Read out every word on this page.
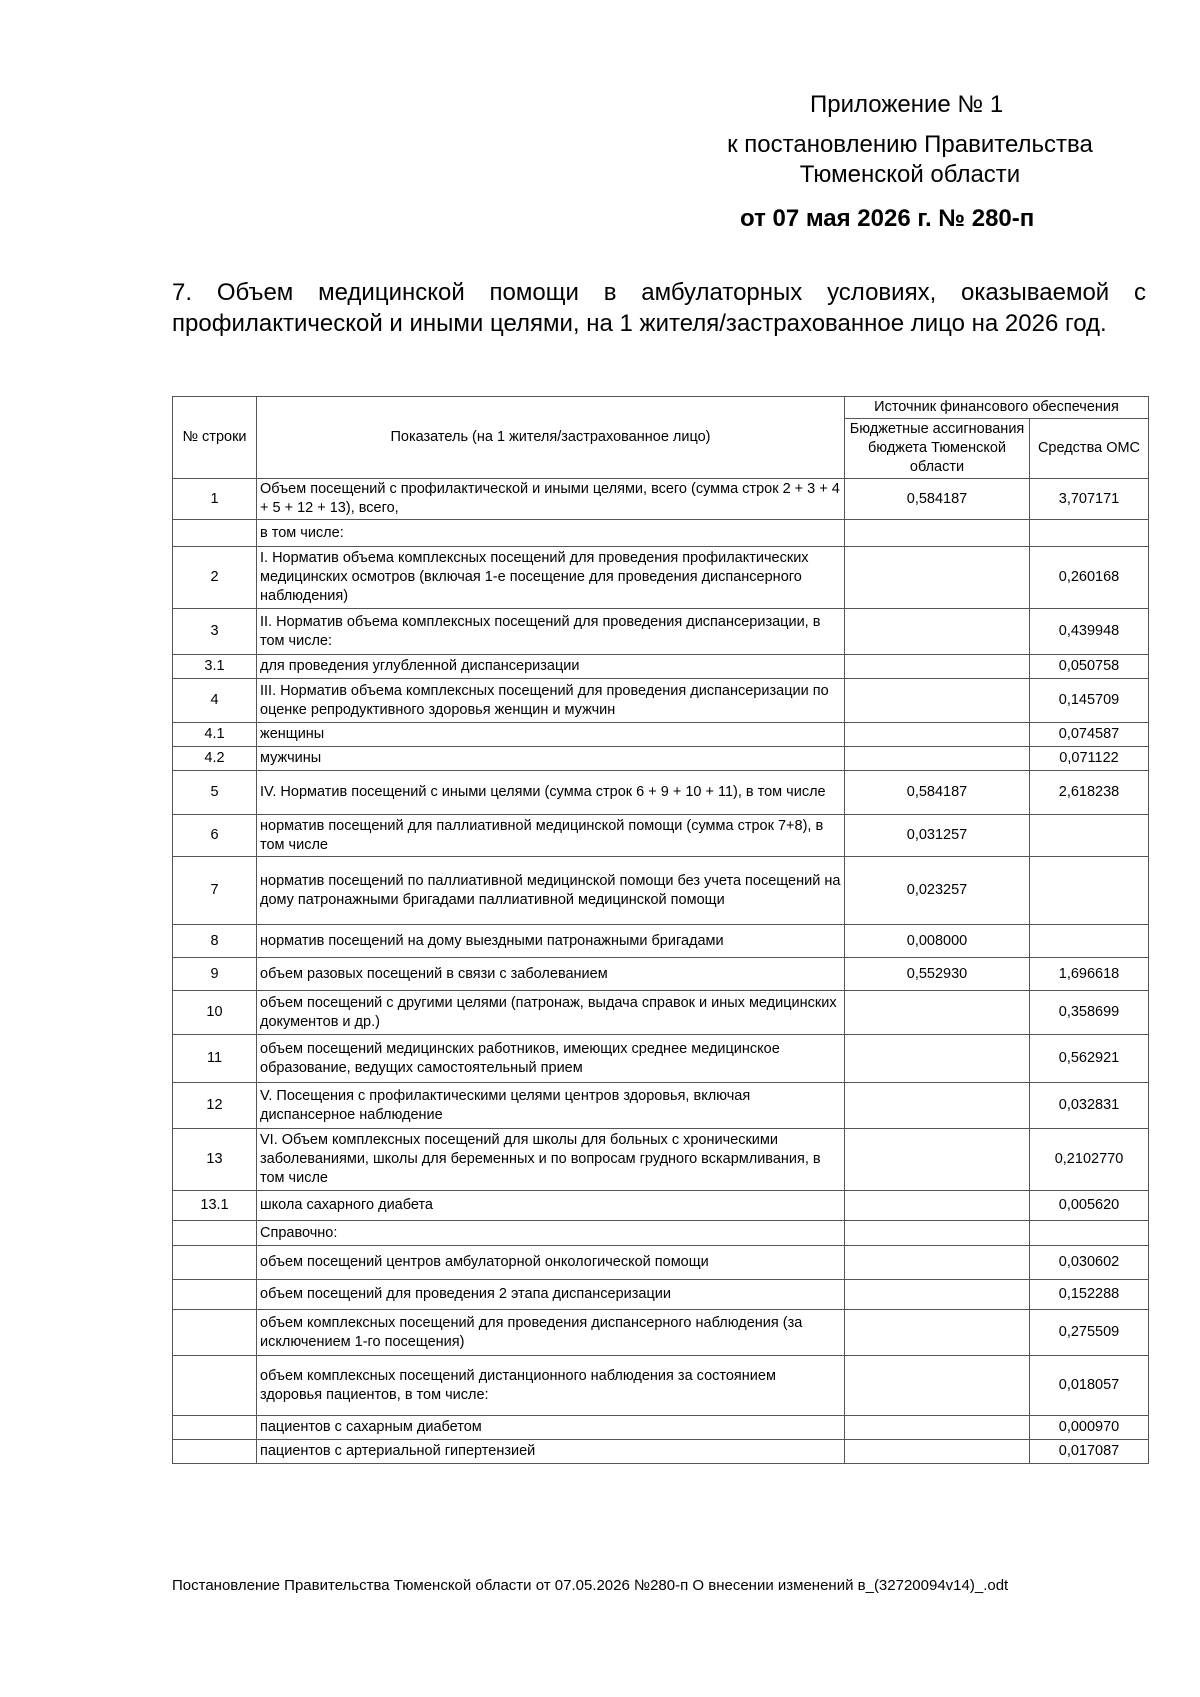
Приложение № 1
к постановлению Правительства Тюменской области
от 07 мая 2026 г. № 280-п
7. Объем медицинской помощи в амбулаторных условиях, оказываемой с профилактической и иными целями, на 1 жителя/застрахованное лицо на 2026 год.
№ строки	Показатель (на 1 жителя/застрахованное лицо)	Источник финансового обеспечения	
		Бюджетные ассигнования бюджета Тюменской области	Средства ОМС
1	Объем посещений с профилактической и иными целями, всего (сумма строк 2 + 3 + 4 + 5 + 12 + 13), всего,	0,584187	3,707171
	в том числе:		
2	I. Норматив объема комплексных посещений для проведения профилактических медицинских осмотров (включая 1-е посещение для проведения диспансерного наблюдения)		0,260168
3	II. Норматив объема комплексных посещений для проведения диспансеризации, в том числе:		0,439948
3.1	для проведения углубленной диспансеризации		0,050758
4	III. Норматив объема комплексных посещений для проведения диспансеризации по оценке репродуктивного здоровья женщин и мужчин		0,145709
4.1	женщины		0,074587
4.2	мужчины		0,071122
5	IV. Норматив посещений с иными целями (сумма строк 6 + 9 + 10 + 11), в том числе	0,584187	2,618238
6	норматив посещений для паллиативной медицинской помощи (сумма строк 7+8), в том числе	0,031257	
7	норматив посещений по паллиативной медицинской помощи без учета посещений на дому патронажными бригадами паллиативной медицинской помощи	0,023257	
8	норматив посещений на дому выездными патронажными бригадами	0,008000	
9	объем разовых посещений в связи с заболеванием	0,552930	1,696618
10	объем посещений с другими целями (патронаж, выдача справок и иных медицинских документов и др.)		0,358699
11	объем посещений медицинских работников, имеющих среднее медицинское образование, ведущих самостоятельный прием		0,562921
12	V. Посещения с профилактическими целями центров здоровья, включая диспансерное наблюдение		0,032831
13	VI. Объем комплексных посещений для школы для больных с хроническими заболеваниями, школы для беременных и по вопросам грудного вскармливания, в том числе		0,2102770
13.1	школа сахарного диабета		0,005620
	Справочно:		
	объем посещений центров амбулаторной онкологической помощи		0,030602
	объем посещений для проведения 2 этапа диспансеризации		0,152288
	объем комплексных посещений для проведения диспансерного наблюдения (за исключением 1-го посещения)		0,275509
	объем комплексных посещений дистанционного наблюдения за состоянием здоровья пациентов, в том числе:		0,018057
	пациентов с сахарным диабетом		0,000970
	пациентов с артериальной гипертензией		0,017087
Постановление Правительства Тюменской области от 07.05.2026 №280-п О внесении изменений в_(32720094v14)_.odt
